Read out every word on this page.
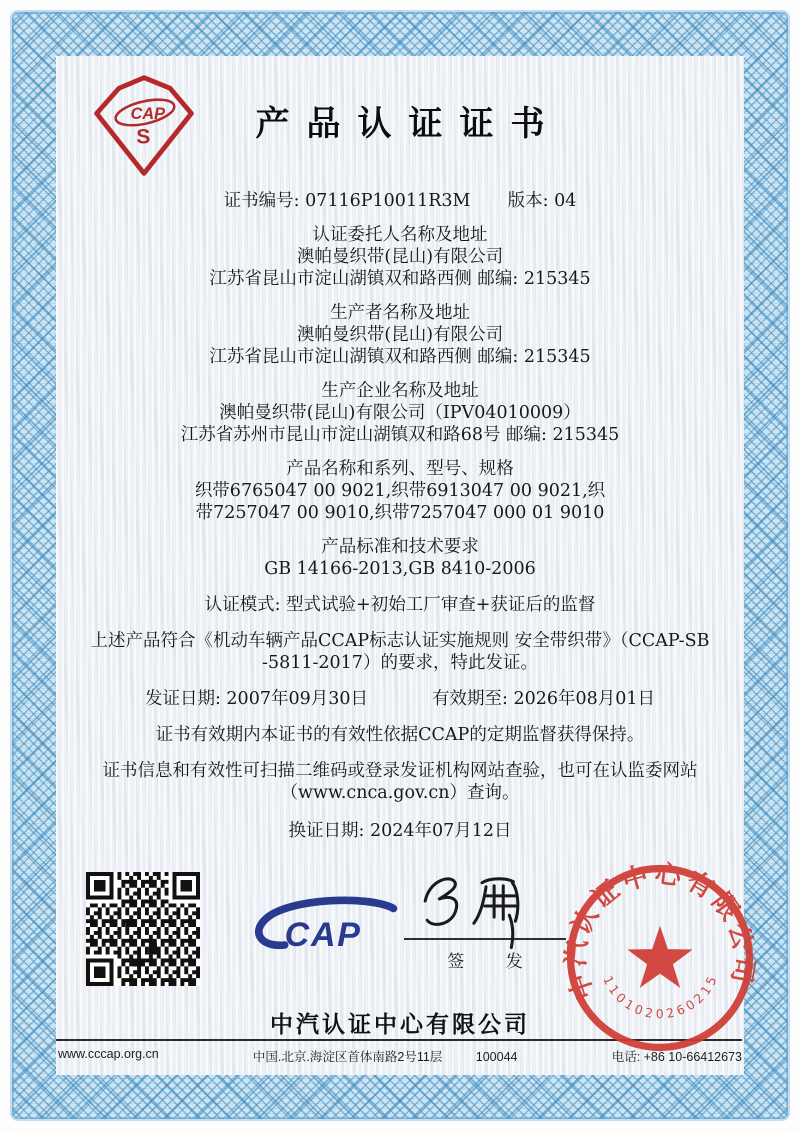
CAP
S	产品认证证书
证书编号: 07116P10011R3M 版本: 04

认证委托人名称及地址

澳帕曼织带(昆山)有限公司

江苏省昆山市淀山湖镇双和路西侧 邮编: 215345

生产者名称及地址

澳帕曼织带(昆山)有限公司

江苏省昆山市淀山湖镇双和路西侧 邮编: 215345

生产企业名称及地址

澳帕曼织带(昆山)有限公司（IPV04010009）

江苏省苏州市昆山市淀山湖镇双和路68号 邮编: 215345

产品名称和系列、型号、规格

织带6765047 00 9021,织带6913047 00 9021,织

带7257047 00 9010,织带7257047 000 01 9010

产品标准和技术要求

GB 14166-2013,GB 8410-2006

认证模式: 型式试验+初始工厂审查+获证后的监督

上述产品符合《机动车辆产品CCAP标志认证实施规则 安全带织带》（CCAP-SB

-5811-2017）的要求，特此发证。

发证日期: 2007年09月30日	有效期至: 2026年08月01日

证书有效期内本证书的有效性依据CCAP的定期监督获得保持。

证书信息和有效性可扫描二维码或登录发证机构网站查验，也可在认监委网站

（www.cnca.gov.cn）查询。

换证日期: 2024年07月12日

CAP
签 发
中汽认证中心有限公司
1101020260215
中汽认证中心有限公司
www.cccap.org.cn	中国.北京.海淀区首体南路2号11层	100044	电话: +86 10-66412673
